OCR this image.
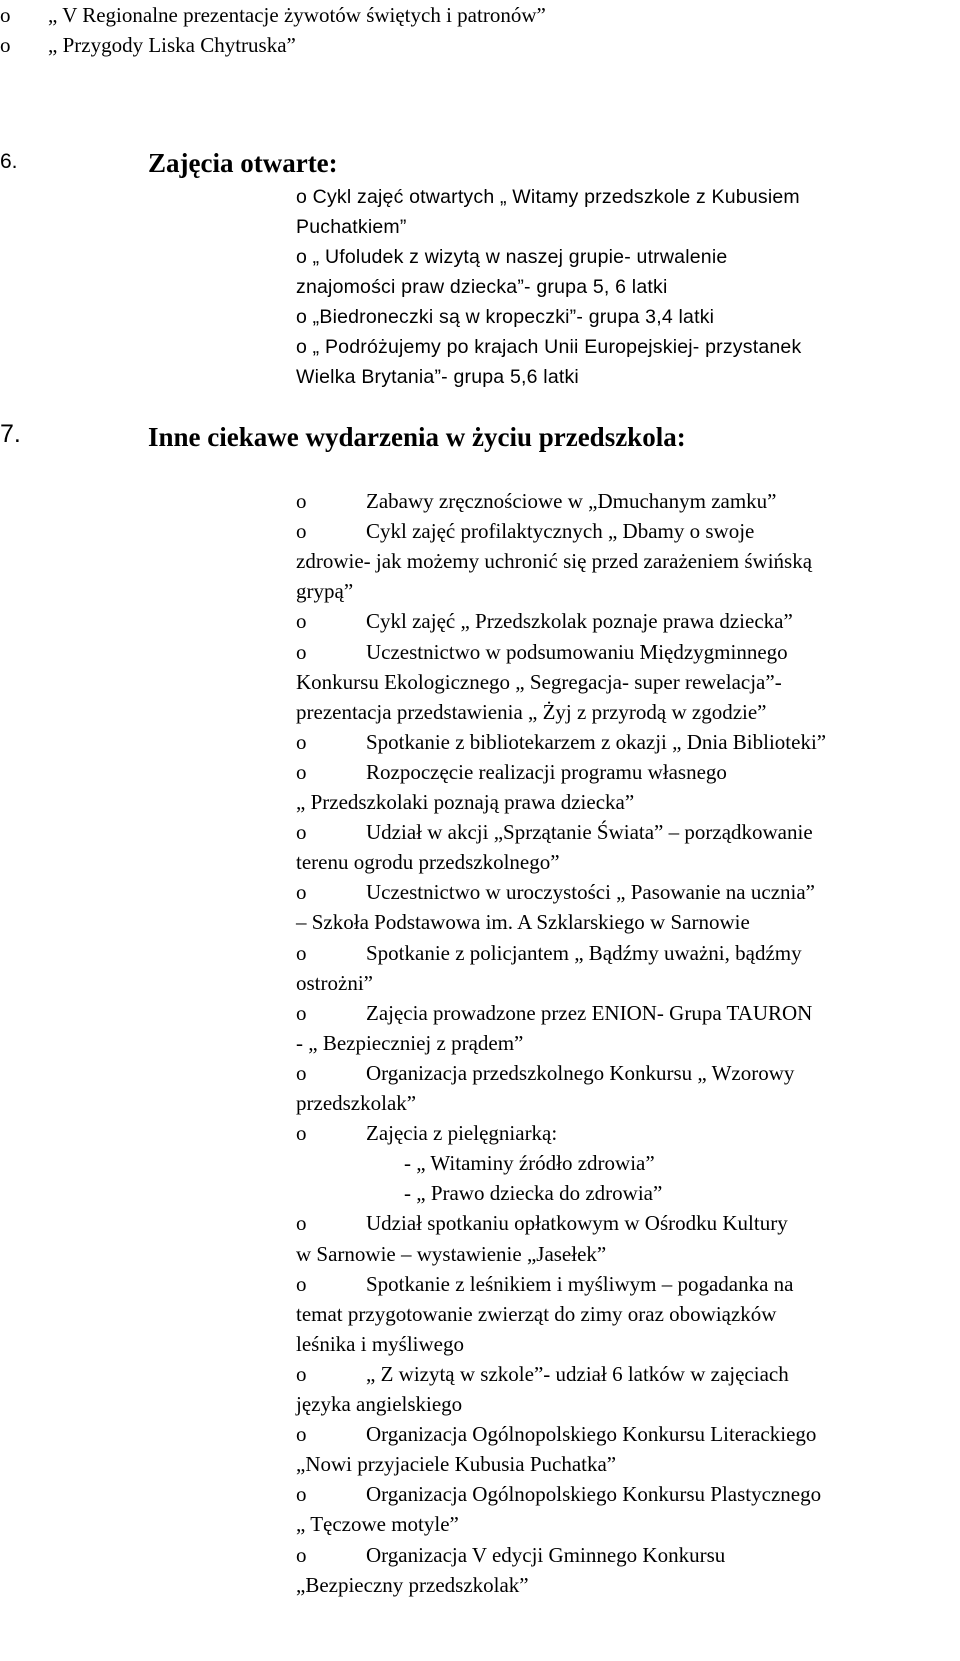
o „ V Regionalne prezentacje żywotów świętych i patronów”
o „ Przygody Liska Chytruska”
6.	Zajęcia otwarte:
o Cykl zajęć otwartych „ Witamy przedszkole z Kubusiem
Puchatkiem”
o „ Ufoludek z wizytą w naszej grupie- utrwalenie
znajomości praw dziecka”- grupa 5, 6 latki
o „Biedroneczki są w kropeczki”- grupa 3,4 latki
o „ Podróżujemy po krajach Unii Europejskiej- przystanek
Wielka Brytania”- grupa 5,6 latki
7.	Inne ciekawe wydarzenia w życiu przedszkola:
o	Zabawy zręcznościowe w „Dmuchanym zamku”
o	Cykl zajęć profilaktycznych „ Dbamy o swoje
zdrowie- jak możemy uchronić się przed zarażeniem świńską
grypą”
o	Cykl zajęć „ Przedszkolak poznaje prawa dziecka”
o	Uczestnictwo w podsumowaniu Międzygminnego
Konkursu Ekologicznego „ Segregacja- super rewelacja”-
prezentacja przedstawienia „ Żyj z przyrodą w zgodzie”
o	Spotkanie z bibliotekarzem z okazji „ Dnia Biblioteki”
o	Rozpoczęcie realizacji programu własnego
„ Przedszkolaki poznają prawa dziecka”
o	Udział w akcji „Sprzątanie Świata” – porządkowanie
terenu ogrodu przedszkolnego”
o	Uczestnictwo w uroczystości „ Pasowanie na ucznia”
– Szkoła Podstawowa im. A Szklarskiego w Sarnowie
o	Spotkanie z policjantem „ Bądźmy uważni, bądźmy
ostrożni”
o	Zajęcia prowadzone przez ENION- Grupa TAURON
- „ Bezpieczniej z prądem”
o	Organizacja przedszkolnego Konkursu „ Wzorowy
przedszkolak”
o	Zajęcia z pielęgniarką:
- „ Witaminy źródło zdrowia”
- „ Prawo dziecka do zdrowia”
o	Udział spotkaniu opłatkowym w Ośrodku Kultury
w Sarnowie – wystawienie „Jasełek”
o	Spotkanie z leśnikiem i myśliwym – pogadanka na
temat przygotowanie zwierząt do zimy oraz obowiązków
leśnika i myśliwego
o	„ Z wizytą w szkole”- udział 6 latków w zajęciach
języka angielskiego
o	Organizacja Ogólnopolskiego Konkursu Literackiego
„Nowi przyjaciele Kubusia Puchatka”
o	Organizacja Ogólnopolskiego Konkursu Plastycznego
„ Tęczowe motyle”
o	Organizacja V edycji Gminnego Konkursu
„Bezpieczny przedszkolak”
